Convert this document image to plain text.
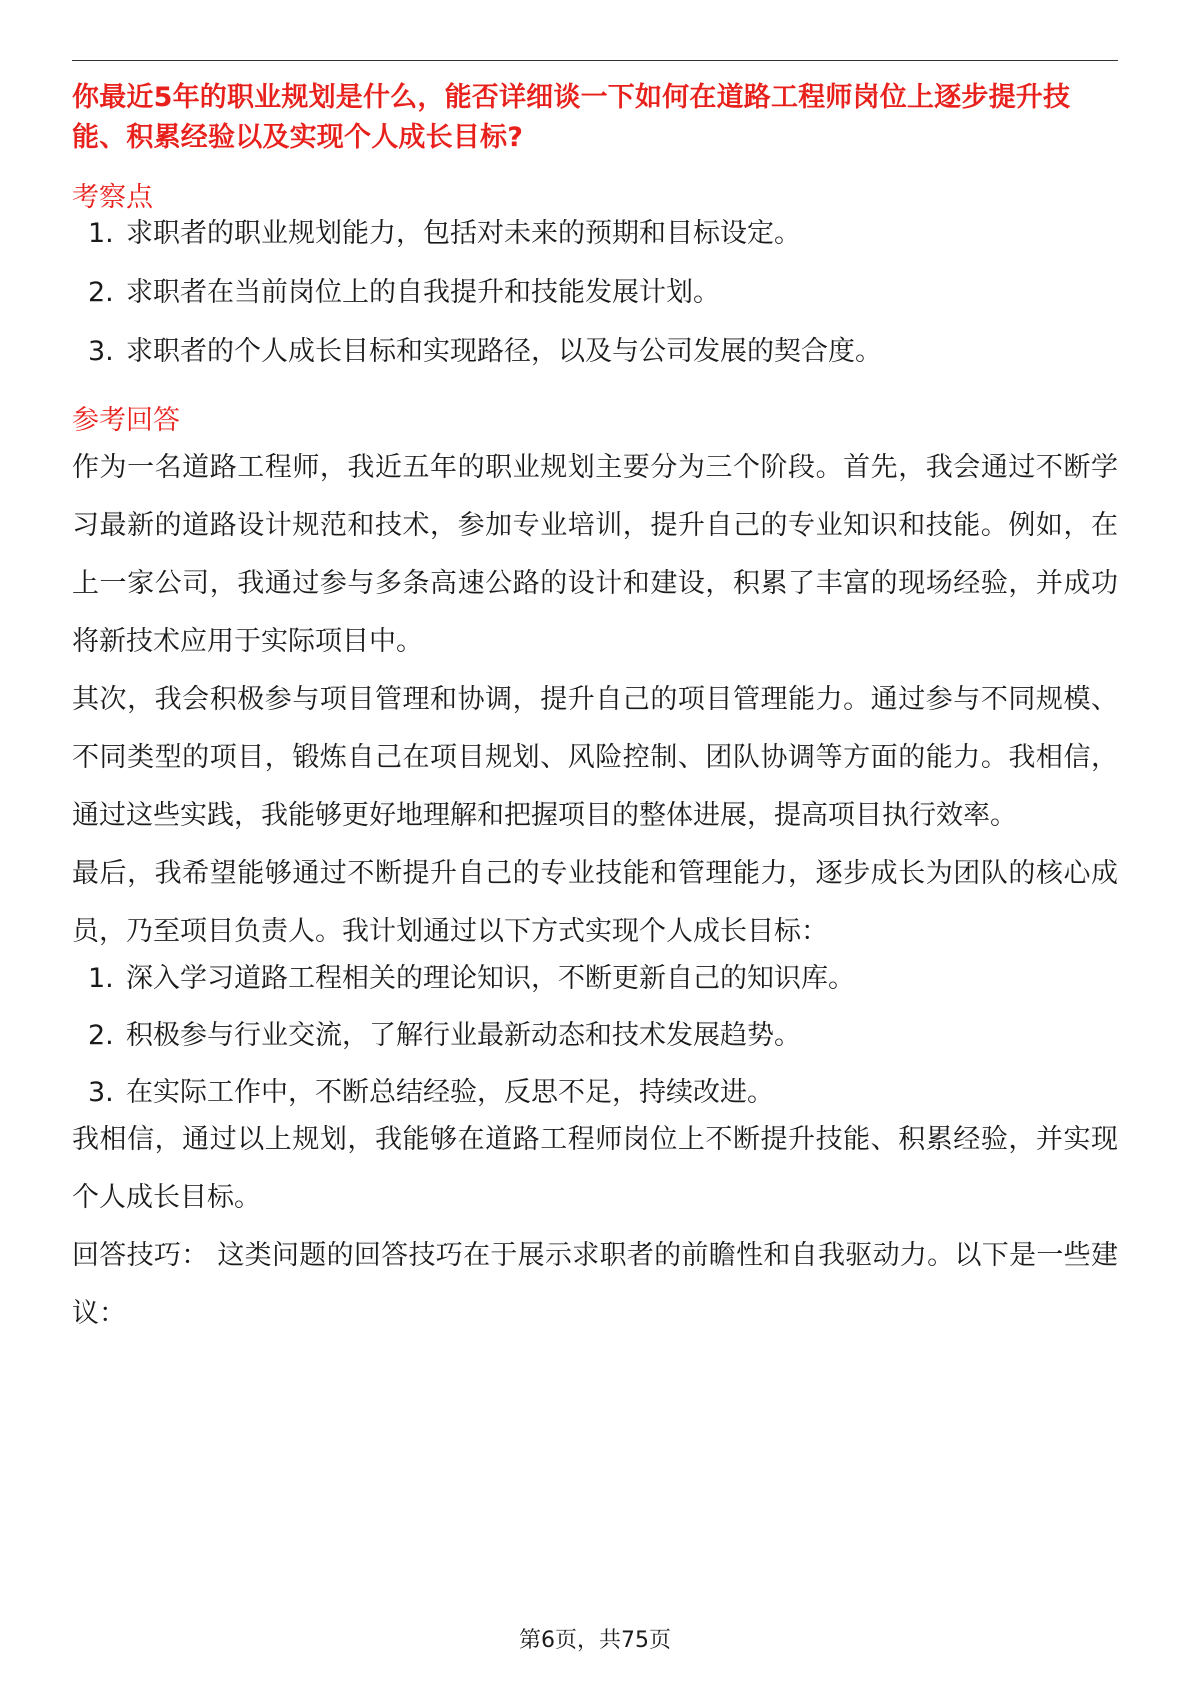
你最近5年的职业规划是什么，能否详细谈一下如何在道路工程师岗位上逐步提升技能、积累经验以及实现个人成长目标?
考察点
1. 求职者的职业规划能力，包括对未来的预期和目标设定。
2. 求职者在当前岗位上的自我提升和技能发展计划。
3. 求职者的个人成长目标和实现路径，以及与公司发展的契合度。
参考回答

作为一名道路工程师，我近五年的职业规划主要分为三个阶段。首先，我会通过不断学习最新的道路设计规范和技术，参加专业培训，提升自己的专业知识和技能。例如，在上一家公司，我通过参与多条高速公路的设计和建设，积累了丰富的现场经验，并成功将新技术应用于实际项目中。

其次，我会积极参与项目管理和协调，提升自己的项目管理能力。通过参与不同规模、不同类型的项目，锻炼自己在项目规划、风险控制、团队协调等方面的能力。我相信，通过这些实践，我能够更好地理解和把握项目的整体进展，提高项目执行效率。

最后，我希望能够通过不断提升自己的专业技能和管理能力，逐步成长为团队的核心成员，乃至项目负责人。我计划通过以下方式实现个人成长目标：

1. 深入学习道路工程相关的理论知识，不断更新自己的知识库。
2. 积极参与行业交流，了解行业最新动态和技术发展趋势。
3. 在实际工作中，不断总结经验，反思不足，持续改进。

我相信，通过以上规划，我能够在道路工程师岗位上不断提升技能、积累经验，并实现个人成长目标。

回答技巧： 这类问题的回答技巧在于展示求职者的前瞻性和自我驱动力。以下是一些建议：

第6页，共75页
